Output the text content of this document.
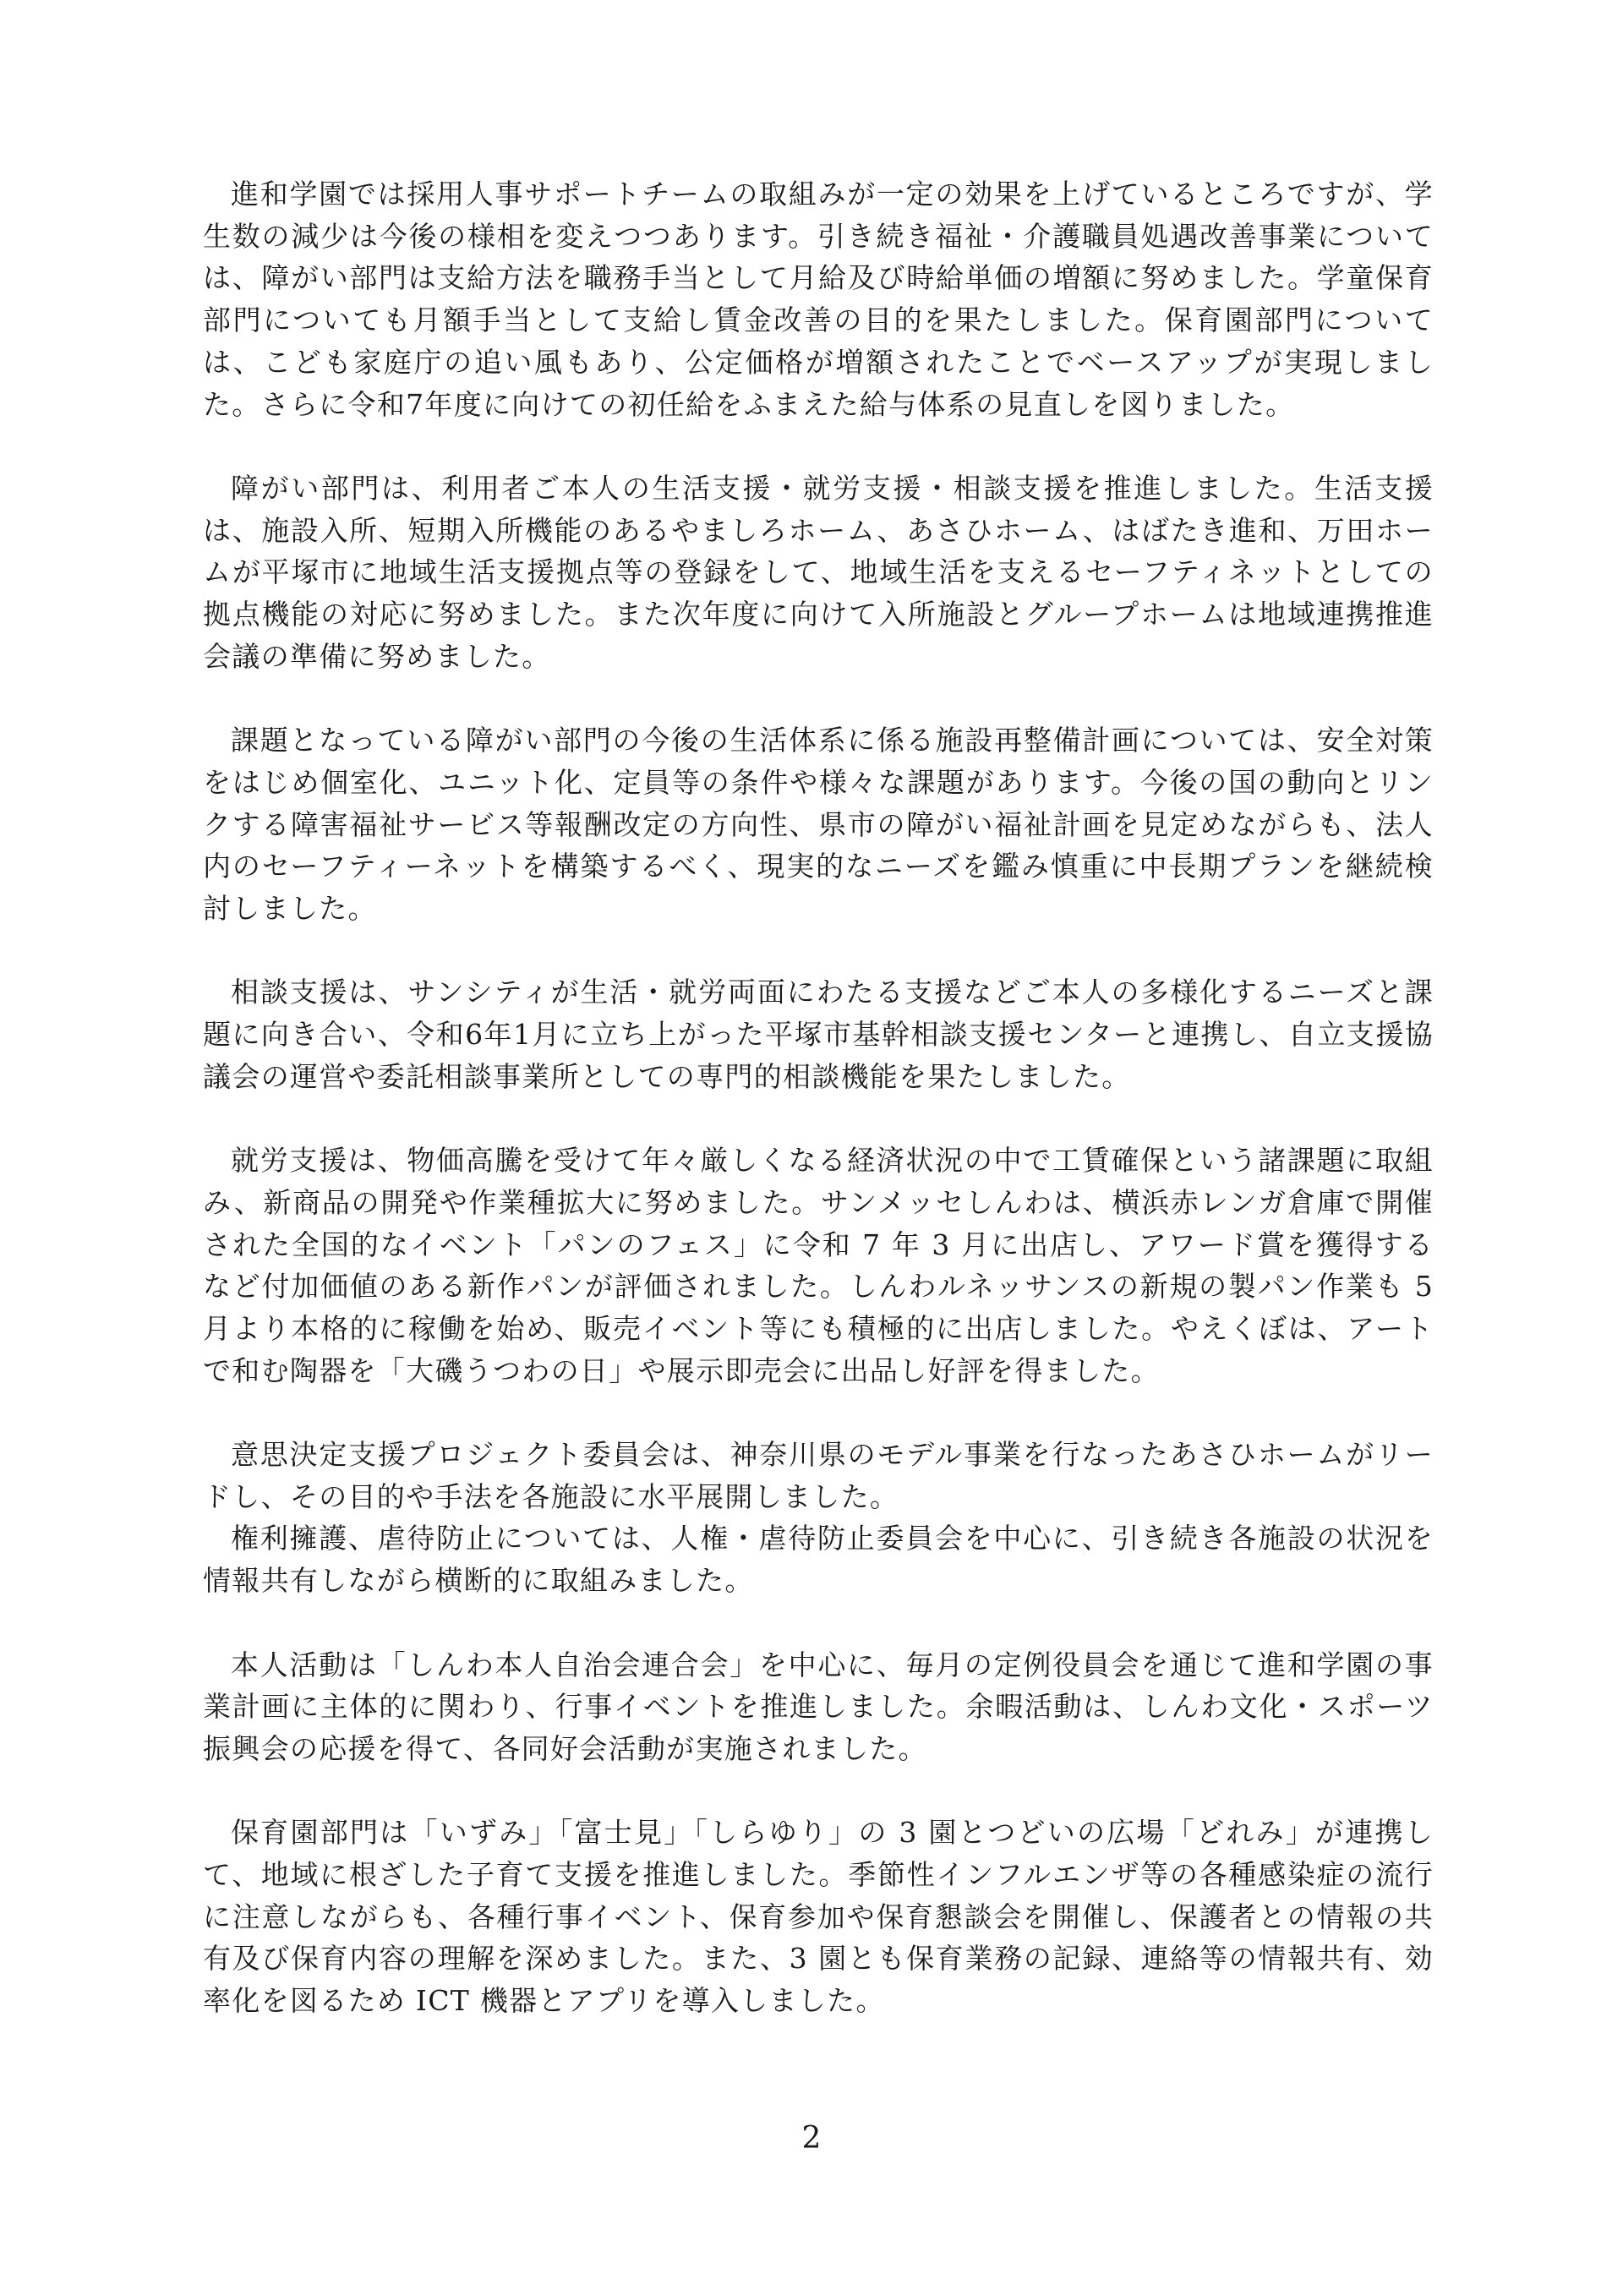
進和学園では採用人事サポートチームの取組みが一定の効果を上げているところですが、学生数の減少は今後の様相を変えつつあります。引き続き福祉・介護職員処遇改善事業については、障がい部門は支給方法を職務手当として月給及び時給単価の増額に努めました。学童保育部門についても月額手当として支給し賃金改善の目的を果たしました。保育園部門については、こども家庭庁の追い風もあり、公定価格が増額されたことでベースアップが実現しました。さらに令和7年度に向けての初任給をふまえた給与体系の見直しを図りました。

障がい部門は、利用者ご本人の生活支援・就労支援・相談支援を推進しました。生活支援は、施設入所、短期入所機能のあるやましろホーム、あさひホーム、はばたき進和、万田ホームが平塚市に地域生活支援拠点等の登録をして、地域生活を支えるセーフティネットとしての拠点機能の対応に努めました。また次年度に向けて入所施設とグループホームは地域連携推進会議の準備に努めました。

課題となっている障がい部門の今後の生活体系に係る施設再整備計画については、安全対策をはじめ個室化、ユニット化、定員等の条件や様々な課題があります。今後の国の動向とリンクする障害福祉サービス等報酬改定の方向性、県市の障がい福祉計画を見定めながらも、法人内のセーフティーネットを構築するべく、現実的なニーズを鑑み慎重に中長期プランを継続検討しました。

相談支援は、サンシティが生活・就労両面にわたる支援などご本人の多様化するニーズと課題に向き合い、令和6年1月に立ち上がった平塚市基幹相談支援センターと連携し、自立支援協議会の運営や委託相談事業所としての専門的相談機能を果たしました。

就労支援は、物価高騰を受けて年々厳しくなる経済状況の中で工賃確保という諸課題に取組み、新商品の開発や作業種拡大に努めました。サンメッセしんわは、横浜赤レンガ倉庫で開催された全国的なイベント「パンのフェス」に令和 7 年 3 月に出店し、アワード賞を獲得するなど付加価値のある新作パンが評価されました。しんわルネッサンスの新規の製パン作業も 5 月より本格的に稼働を始め、販売イベント等にも積極的に出店しました。やえくぼは、アートで和む陶器を「大磯うつわの日」や展示即売会に出品し好評を得ました。

意思決定支援プロジェクト委員会は、神奈川県のモデル事業を行なったあさひホームがリードし、その目的や手法を各施設に水平展開しました。

権利擁護、虐待防止については、人権・虐待防止委員会を中心に、引き続き各施設の状況を情報共有しながら横断的に取組みました。

本人活動は「しんわ本人自治会連合会」を中心に、毎月の定例役員会を通じて進和学園の事業計画に主体的に関わり、行事イベントを推進しました。余暇活動は、しんわ文化・スポーツ振興会の応援を得て、各同好会活動が実施されました。

保育園部門は「いずみ」「富士見」「しらゆり」の 3 園とつどいの広場「どれみ」が連携して、地域に根ざした子育て支援を推進しました。季節性インフルエンザ等の各種感染症の流行に注意しながらも、各種行事イベント、保育参加や保育懇談会を開催し、保護者との情報の共有及び保育内容の理解を深めました。また、3 園とも保育業務の記録、連絡等の情報共有、効率化を図るため ICT 機器とアプリを導入しました。

2
